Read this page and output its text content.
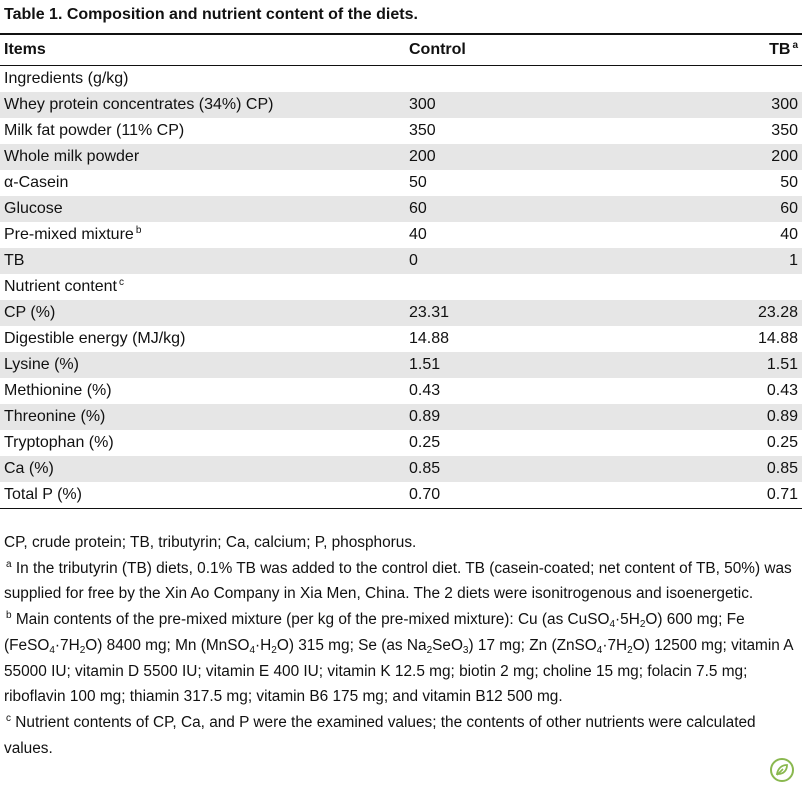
Table 1. Composition and nutrient content of the diets.
Items	Control	TB $^a$
Ingredients (g/kg)		
Whey protein concentrates (34%) CP)	300	300
Milk fat powder (11% CP)	350	350
Whole milk powder	200	200
α-Casein	50	50
Glucose	60	60
Pre-mixed mixture $^b$	40	40
TB	0	1
Nutrient content $^c$		
CP (%)	23.31	23.28
Digestible energy (MJ/kg)	14.88	14.88
Lysine (%)	1.51	1.51
Methionine (%)	0.43	0.43
Threonine (%)	0.89	0.89
Tryptophan (%)	0.25	0.25
Ca (%)	0.85	0.85
Total P (%)	0.70	0.71

CP, crude protein; TB, tributyrin; Ca, calcium; P, phosphorus.

$^a$ In the tributyrin (TB) diets, 0.1% TB was added to the control diet. TB (casein-coated; net content of TB, 50%) was supplied for free by the Xin Ao Company in Xia Men, China. The 2 diets were isonitrogenous and isoenergetic.

$^b$ Main contents of the pre-mixed mixture (per kg of the pre-mixed mixture): Cu (as $CuSO_4\cdot 5H_2O$) 600 mg; Fe $(FeSO_4\cdot 7H_2O)$ 8400 mg; Mn $(MnSO_4\cdot H_2O)$ 315 mg; Se (as $Na_2SeO_3$) 17 mg; Zn $(ZnSO_4\cdot 7H_2O)$ 12500 mg; vitamin A 55000 IU; vitamin D 5500 IU; vitamin E 400 IU; vitamin K 12.5 mg; biotin 2 mg; choline 15 mg; folacin 7.5 mg; riboflavin 100 mg; thiamin 317.5 mg; vitamin B6 175 mg; and vitamin B12 500 mg.

$^c$ Nutrient contents of CP, Ca, and P were the examined values; the contents of other nutrients were calculated values.
